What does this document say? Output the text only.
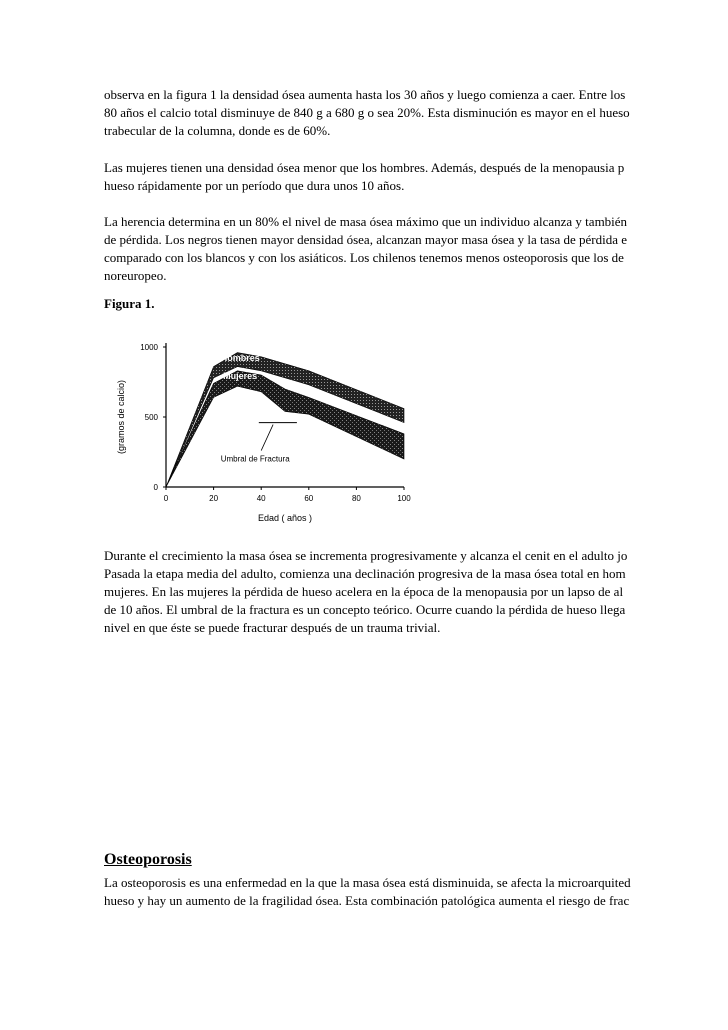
observa en la figura 1 la densidad ósea aumenta hasta los 30 años y luego comienza a caer. Entre los
80 años el calcio total disminuye de 840 g a 680 g o sea 20%. Esta disminución es mayor en el hueso
trabecular de la columna, donde es de 60%.
Las mujeres tienen una densidad ósea menor que los hombres. Además, después de la menopausia p
hueso rápidamente por un período que dura unos 10 años.
La herencia determina en un 80% el nivel de masa ósea máximo que un individuo alcanza y también
de pérdida. Los negros tienen mayor densidad ósea, alcanzan mayor masa ósea y la tasa de pérdida e
comparado con los blancos y con los asiáticos. Los chilenos tenemos menos osteoporosis que los de
noreuropeo.
Figura 1.
0	20	40	60	80	100
0
500
1000
(gramos de calcio)
Edad ( años )
Hombres
Mujeres
Umbral de Fractura
Durante el crecimiento la masa ósea se incrementa progresivamente y alcanza el cenit en el adulto jo
Pasada la etapa media del adulto, comienza una declinación progresiva de la masa ósea total en hom
mujeres. En las mujeres la pérdida de hueso acelera en la época de la menopausia por un lapso de al
de 10 años. El umbral de la fractura es un concepto teórico. Ocurre cuando la pérdida de hueso llega
nivel en que éste se puede fracturar después de un trauma trivial.
Osteoporosis
La osteoporosis es una enfermedad en la que la masa ósea está disminuida, se afecta la microarquited
hueso y hay un aumento de la fragilidad ósea. Esta combinación patológica aumenta el riesgo de frac
